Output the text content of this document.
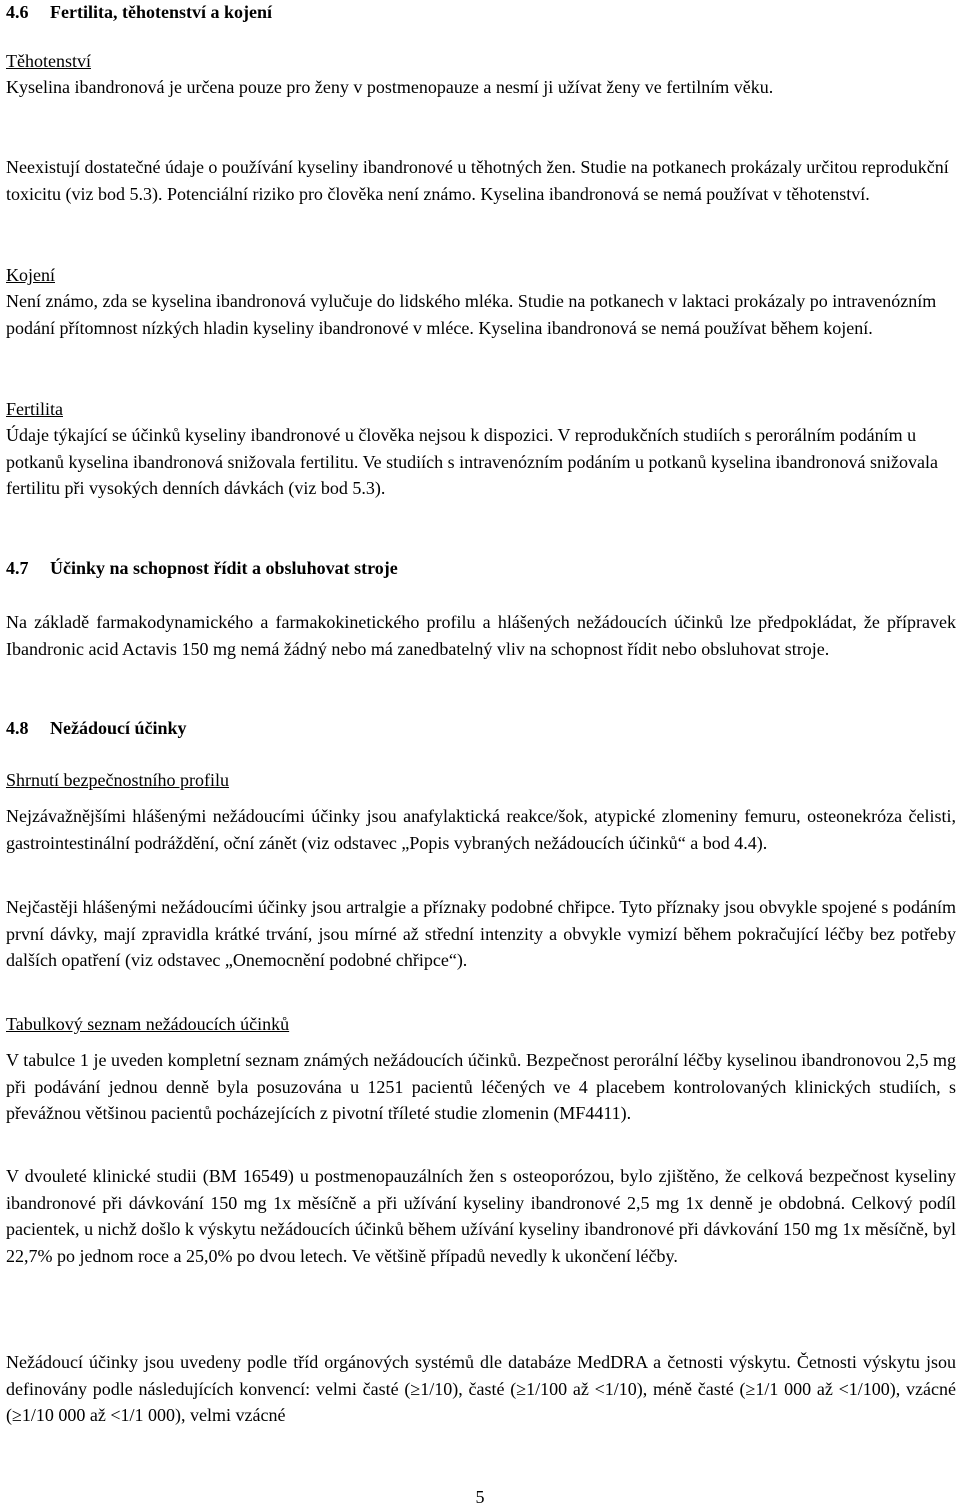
4.6 Fertilita, těhotenství a kojení
Těhotenství

Kyselina ibandronová je určena pouze pro ženy v postmenopauze a nesmí ji užívat ženy ve fertilním věku.

Neexistují dostatečné údaje o používání kyseliny ibandronové u těhotných žen. Studie na potkanech prokázaly určitou reprodukční toxicitu (viz bod 5.3). Potenciální riziko pro člověka není známo. Kyselina ibandronová se nemá používat v těhotenství.

Kojení

Není známo, zda se kyselina ibandronová vylučuje do lidského mléka. Studie na potkanech v laktaci prokázaly po intravenózním podání přítomnost nízkých hladin kyseliny ibandronové v mléce. Kyselina ibandronová se nemá používat během kojení.

Fertilita

Údaje týkající se účinků kyseliny ibandronové u člověka nejsou k dispozici. V reprodukčních studiích s perorálním podáním u potkanů kyselina ibandronová snižovala fertilitu. Ve studiích s intravenózním podáním u potkanů kyselina ibandronová snižovala fertilitu při vysokých denních dávkách (viz bod 5.3).

4.7 Účinky na schopnost řídit a obsluhovat stroje

Na základě farmakodynamického a farmakokinetického profilu a hlášených nežádoucích účinků lze předpokládat, že přípravek Ibandronic acid Actavis 150 mg nemá žádný nebo má zanedbatelný vliv na schopnost řídit nebo obsluhovat stroje.

4.8 Nežádoucí účinky
Shrnutí bezpečnostního profilu

Nejzávažnějšími hlášenými nežádoucími účinky jsou anafylaktická reakce/šok, atypické zlomeniny femuru, osteonekróza čelisti, gastrointestinální podráždění, oční zánět (viz odstavec „Popis vybraných nežádoucích účinků“ a bod 4.4).

Nejčastěji hlášenými nežádoucími účinky jsou artralgie a příznaky podobné chřipce. Tyto příznaky jsou obvykle spojené s podáním první dávky, mají zpravidla krátké trvání, jsou mírné až střední intenzity a obvykle vymizí během pokračující léčby bez potřeby dalších opatření (viz odstavec „Onemocnění podobné chřipce“).

Tabulkový seznam nežádoucích účinků

V tabulce 1 je uveden kompletní seznam známých nežádoucích účinků. Bezpečnost perorální léčby kyselinou ibandronovou 2,5 mg při podávání jednou denně byla posuzována u 1251 pacientů léčených ve 4 placebem kontrolovaných klinických studiích, s převážnou většinou pacientů pocházejících z pivotní tříleté studie zlomenin (MF4411).

V dvouleté klinické studii (BM 16549) u postmenopauzálních žen s osteoporózou, bylo zjištěno, že celková bezpečnost kyseliny ibandronové při dávkování 150 mg 1x měsíčně a při užívání kyseliny ibandronové 2,5 mg 1x denně je obdobná. Celkový podíl pacientek, u nichž došlo k výskytu nežádoucích účinků během užívání kyseliny ibandronové při dávkování 150 mg 1x měsíčně, byl 22,7% po jednom roce a 25,0% po dvou letech. Ve většině případů nevedly k ukončení léčby.

Nežádoucí účinky jsou uvedeny podle tříd orgánových systémů dle databáze MedDRA a četnosti výskytu. Četnosti výskytu jsou definovány podle následujících konvencí: velmi časté (≥1/10), časté (≥1/100 až <1/10), méně časté (≥1/1 000 až <1/100), vzácné (≥1/10 000 až <1/1 000), velmi vzácné

5
